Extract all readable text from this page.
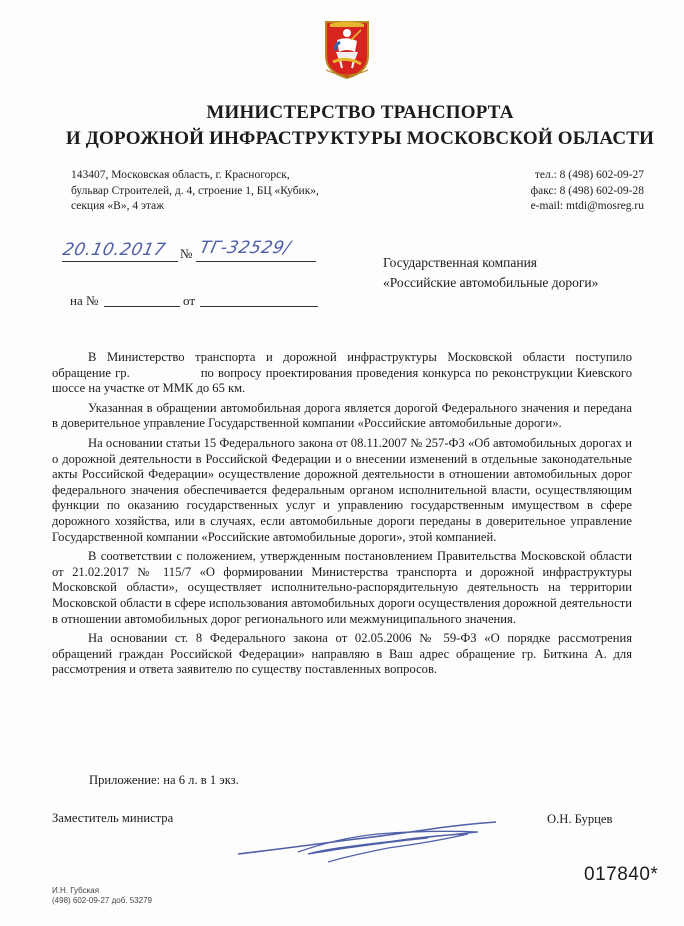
МИНИСТЕРСТВО ТРАНСПОРТА
И ДОРОЖНОЙ ИНФРАСТРУКТУРЫ МОСКОВСКОЙ ОБЛАСТИ
143407, Московская область, г. Красногорск,
бульвар Строителей, д. 4, строение 1, БЦ «Кубик»,
секция «В», 4 этаж
тел.: 8 (498) 602-09-27
факс: 8 (498) 602-09-28
e-mail: mtdi@mosreg.ru
20.10.2017 № ТГ-32529/
на №	от
Государственная компания
«Российские автомобильные дороги»

В Министерство транспорта и дорожной инфраструктуры Московской области поступило обращение гр.                 по вопросу проектирования проведения конкурса по реконструкции Киевского шоссе на участке от ММК до 65 км.

Указанная в обращении автомобильная дорога является дорогой Федерального значения и передана в доверительное управление Государственной компании «Российские автомобильные дороги».

На основании статьи 15 Федерального закона от 08.11.2007 № 257-ФЗ «Об автомобильных дорогах и о дорожной деятельности в Российской Федерации и о внесении изменений в отдельные законодательные акты Российской Федерации» осуществление дорожной деятельности в отношении автомобильных дорог федерального значения обеспечивается федеральным органом исполнительной власти, осуществляющим функции по оказанию государственных услуг и управлению государственным имуществом в сфере дорожного хозяйства, или в случаях, если автомобильные дороги переданы в доверительное управление Государственной компании «Российские автомобильные дороги», этой компанией.

В соответствии с положением, утвержденным постановлением Правительства Московской области от 21.02.2017 № 115/7 «О формировании Министерства транспорта и дорожной инфраструктуры Московской области», осуществляет исполнительно-распорядительную деятельность на территории Московской области в сфере использования автомобильных дороги осуществления дорожной деятельности в отношении автомобильных дорог регионального или межмуниципального значения.

На основании ст. 8 Федерального закона от 02.05.2006 № 59-ФЗ «О порядке рассмотрения обращений граждан Российской Федерации» направляю в Ваш адрес обращение гр. Биткина А. для рассмотрения и ответа заявителю по существу поставленных вопросов.

Приложение: на 6 л. в 1 экз.
Заместитель министра	О.Н. Бурцев
017840*
И.Н. Губская
(498) 602-09-27 доб. 53279
